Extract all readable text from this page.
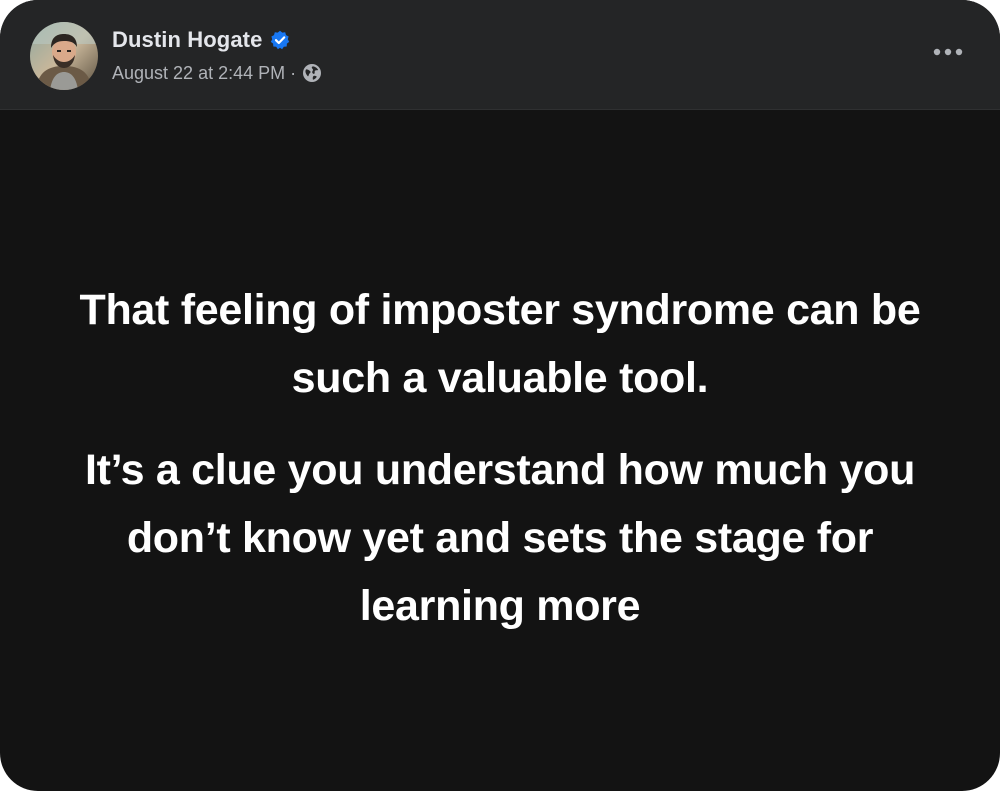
Dustin Hogate
August 22 at 2:44 PM ·

That feeling of imposter syndrome can be such a valuable tool.

It’s a clue you understand how much you don’t know yet and sets the stage for learning more
